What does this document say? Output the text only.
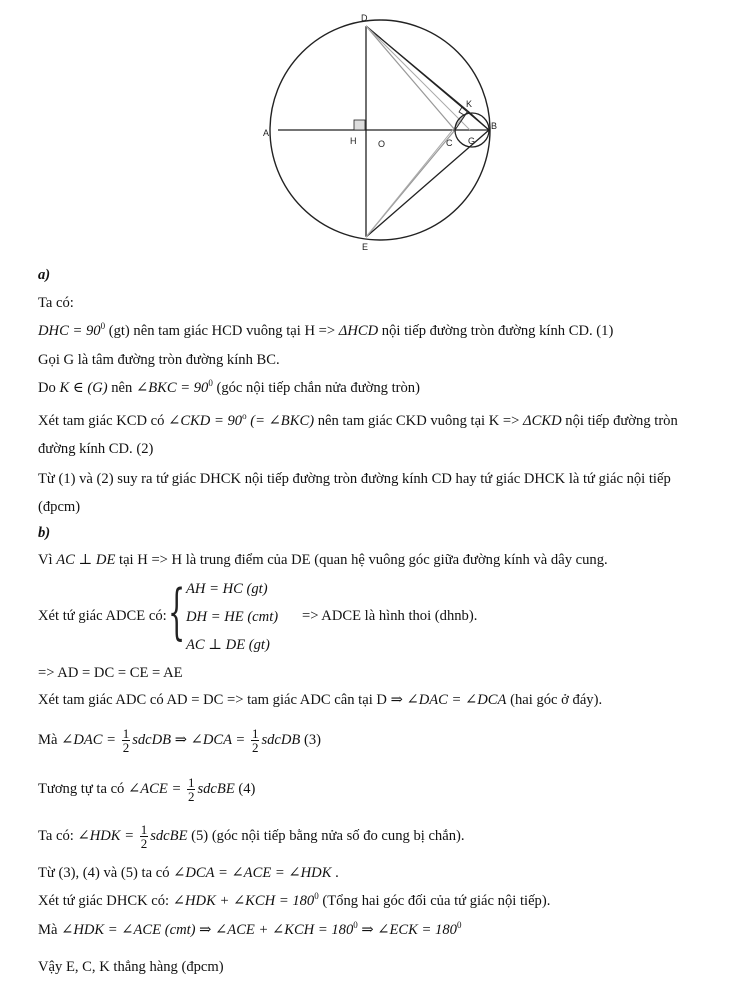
D
A
H O	C G
B
K
E
a)
Ta có:
DHC = $90^0$ (gt) nên tam giác HCD vuông tại H => ΔHCD nội tiếp đường tròn đường kính CD. (1)
Gọi G là tâm đường tròn đường kính BC.
Do K ∈ (G) nên ∠BKC = $90^0$ (góc nội tiếp chắn nửa đường tròn)
Xét tam giác KCD có ∠CKD = $90^o$ (= ∠BKC) nên tam giác CKD vuông tại K => ΔCKD nội tiếp đường tròn
đường kính CD. (2)
Từ (1) và (2) suy ra tứ giác DHCK nội tiếp đường tròn đường kính CD hay tứ giác DHCK là tứ giác nội tiếp
(đpcm)
b)
Vì AC ⊥ DE tại H => H là trung điểm của DE (quan hệ vuông góc giữa đường kính và dây cung.
Xét tứ giác ADCE có: { AH = HC (gt)
DH = HE (cmt)
AC ⊥ DE (gt)
=> ADCE là hình thoi (dhnb).
=> AD = DC = CE = AE
Xét tam giác ADC có AD = DC => tam giác ADC cân tại D ⇒ ∠DAC = ∠DCA (hai góc ở đáy).
Mà ∠DAC = $\frac{1}{2}$ sdcDB ⇒ ∠DCA = $\frac{1}{2}$ sdcDB (3)
Tương tự ta có ∠ACE = $\frac{1}{2}$ sdcBE (4)
Ta có: ∠HDK = $\frac{1}{2}$ sdcBE (5) (góc nội tiếp bằng nửa số đo cung bị chắn).
Từ (3), (4) và (5) ta có ∠DCA = ∠ACE = ∠HDK .
Xét tứ giác DHCK có: ∠HDK + ∠KCH = $180^0$ (Tổng hai góc đối của tứ giác nội tiếp).
Mà ∠HDK = ∠ACE (cmt) ⇒ ∠ACE + ∠KCH = $180^0$ ⇒ ∠ECK = $180^0$
Vậy E, C, K thẳng hàng (đpcm)
